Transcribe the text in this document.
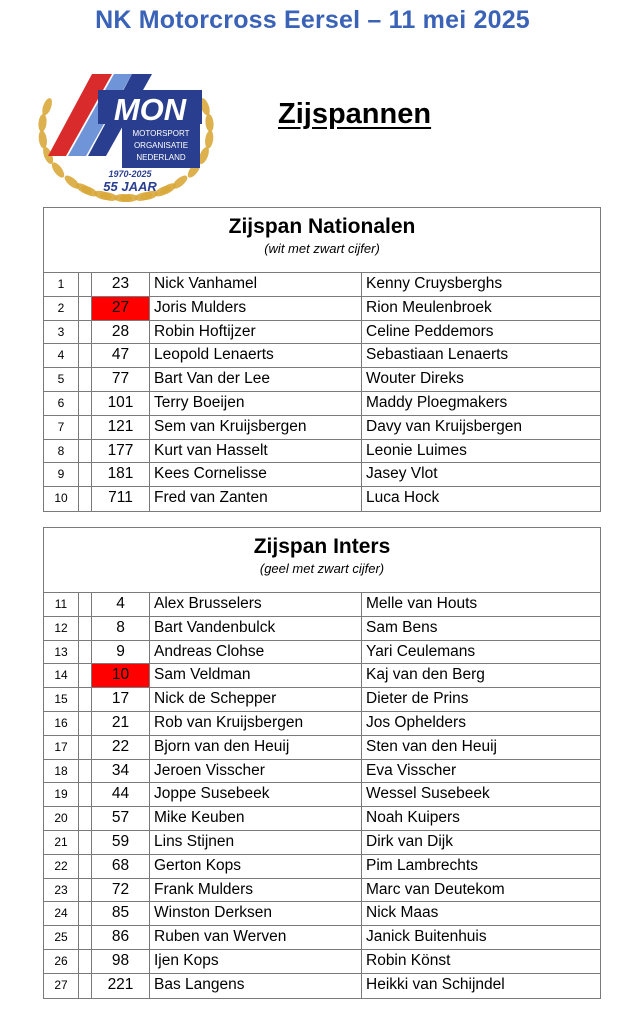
NK Motorcross Eersel – 11 mei 2025
MON
MOTORSPORT
ORGANISATIE
NEDERLAND
1970-2025
55 JAAR
Zijspannen
Zijspan Nationalen
(wit met zwart cijfer)
1	23	Nick Vanhamel	Kenny Cruysberghs
2	27	Joris Mulders	Rion Meulenbroek
3	28	Robin Hoftijzer	Celine Peddemors
4	47	Leopold Lenaerts	Sebastiaan Lenaerts
5	77	Bart Van der Lee	Wouter Direks
6	101	Terry Boeijen	Maddy Ploegmakers
7	121	Sem van Kruijsbergen	Davy van Kruijsbergen
8	177	Kurt van Hasselt	Leonie Luimes
9	181	Kees Cornelisse	Jasey Vlot
10	711	Fred van Zanten	Luca Hock
Zijspan Inters
(geel met zwart cijfer)
11	4	Alex Brusselers	Melle van Houts
12	8	Bart Vandenbulck	Sam Bens
13	9	Andreas Clohse	Yari Ceulemans
14	10	Sam Veldman	Kaj van den Berg
15	17	Nick de Schepper	Dieter de Prins
16	21	Rob van Kruijsbergen	Jos Ophelders
17	22	Bjorn van den Heuij	Sten van den Heuij
18	34	Jeroen Visscher	Eva Visscher
19	44	Joppe Susebeek	Wessel Susebeek
20	57	Mike Keuben	Noah Kuipers
21	59	Lins Stijnen	Dirk van Dijk
22	68	Gerton Kops	Pim Lambrechts
23	72	Frank Mulders	Marc van Deutekom
24	85	Winston Derksen	Nick Maas
25	86	Ruben van Werven	Janick Buitenhuis
26	98	Ijen Kops	Robin Könst
27	221	Bas Langens	Heikki van Schijndel
